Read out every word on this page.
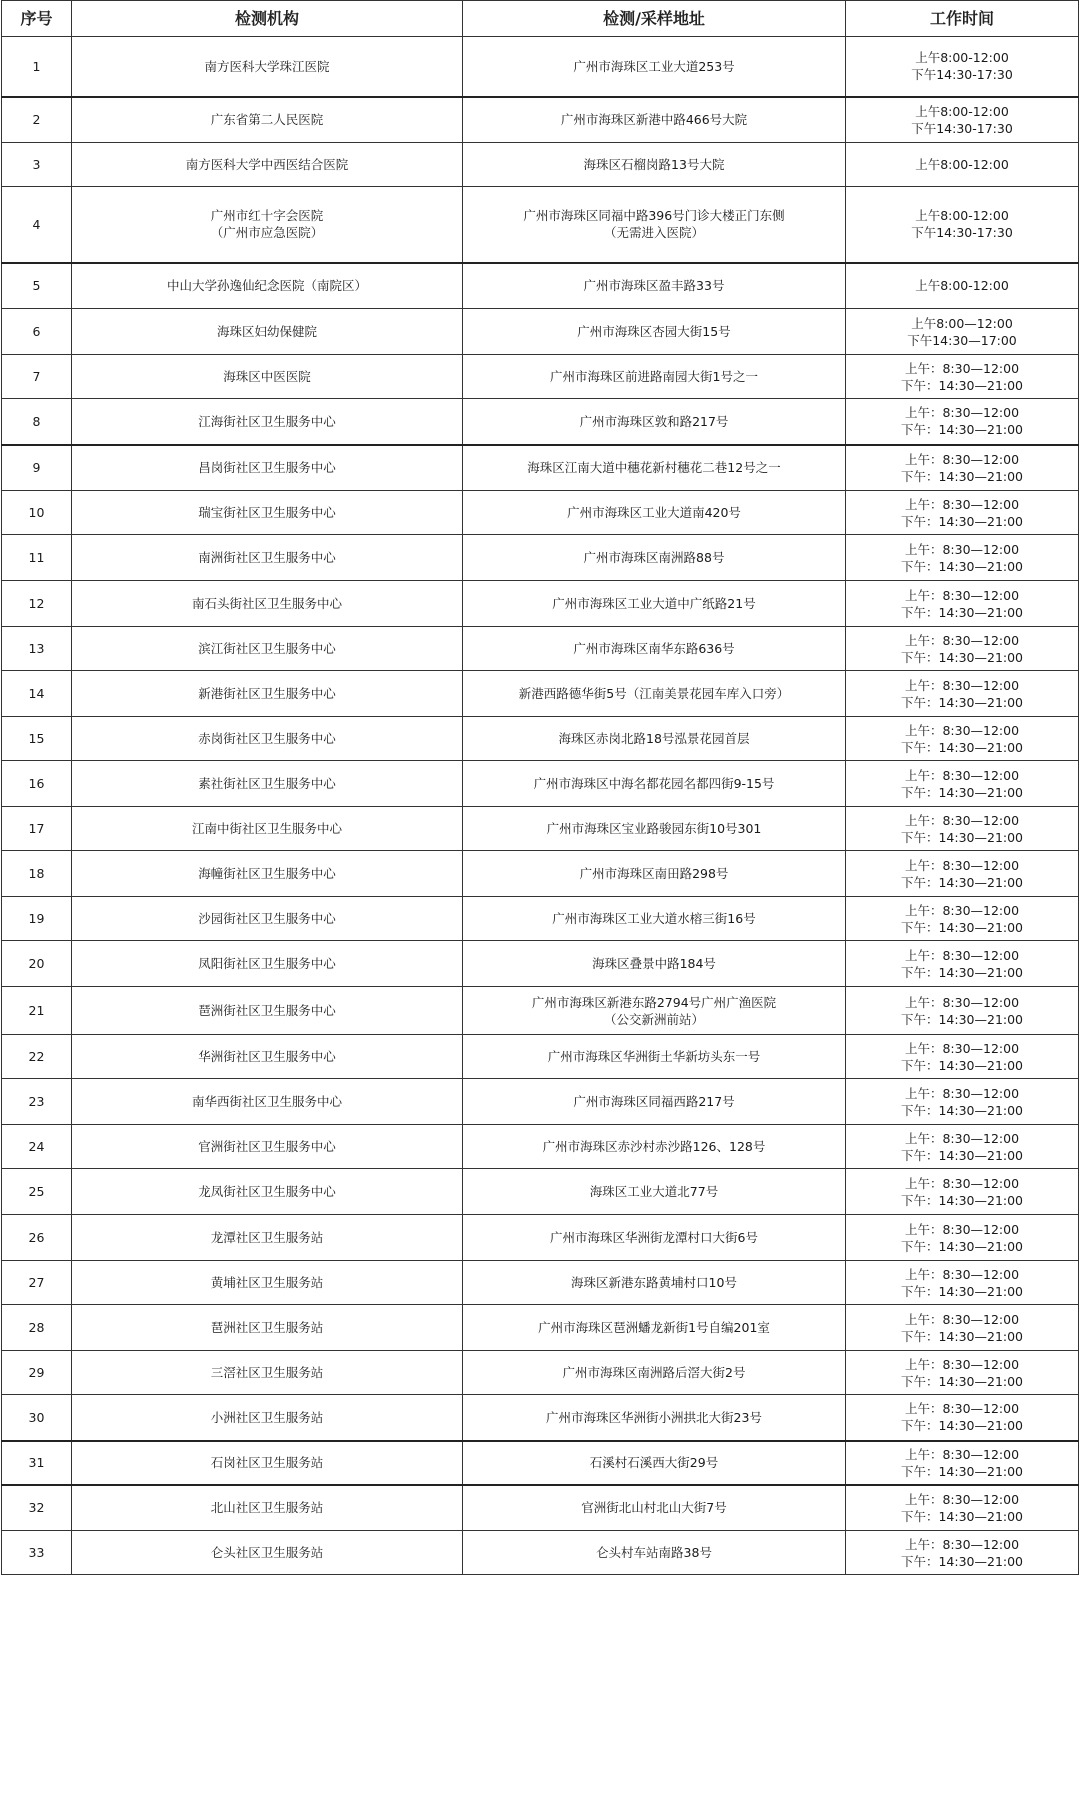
序号	检测机构	检测/采样地址	工作时间
1	南方医科大学珠江医院	广州市海珠区工业大道253号	上午8:00-12:00
下午14:30-17:30

2	广东省第二人民医院	广州市海珠区新港中路466号大院	上午8:00-12:00
下午14:30-17:30

3	南方医科大学中西医结合医院	海珠区石榴岗路13号大院	上午8:00-12:00

4	广州市红十字会医院
（广州市应急医院）	广州市海珠区同福中路396号门诊大楼正门东侧
（无需进入医院）	上午8:00-12:00
下午14:30-17:30

5	中山大学孙逸仙纪念医院（南院区）	广州市海珠区盈丰路33号	上午8:00-12:00

6	海珠区妇幼保健院	广州市海珠区杏园大街15号	上午8:00—12:00
下午14:30—17:00

7	海珠区中医医院	广州市海珠区前进路南园大街1号之一	上午：8:30—12:00
下午：14:30—21:00

8	江海街社区卫生服务中心	广州市海珠区敦和路217号	上午：8:30—12:00
下午：14:30—21:00

9	昌岗街社区卫生服务中心	海珠区江南大道中穗花新村穗花二巷12号之一	上午：8:30—12:00
下午：14:30—21:00

10	瑞宝街社区卫生服务中心	广州市海珠区工业大道南420号	上午：8:30—12:00
下午：14:30—21:00

11	南洲街社区卫生服务中心	广州市海珠区南洲路88号	上午：8:30—12:00
下午：14:30—21:00

12	南石头街社区卫生服务中心	广州市海珠区工业大道中广纸路21号	上午：8:30—12:00
下午：14:30—21:00

13	滨江街社区卫生服务中心	广州市海珠区南华东路636号	上午：8:30—12:00
下午：14:30—21:00

14	新港街社区卫生服务中心	新港西路德华街5号（江南美景花园车库入口旁）	上午：8:30—12:00
下午：14:30—21:00

15	赤岗街社区卫生服务中心	海珠区赤岗北路18号泓景花园首层	上午：8:30—12:00
下午：14:30—21:00

16	素社街社区卫生服务中心	广州市海珠区中海名都花园名都四街9-15号	上午：8:30—12:00
下午：14:30—21:00

17	江南中街社区卫生服务中心	广州市海珠区宝业路骏园东街10号301	上午：8:30—12:00
下午：14:30—21:00

18	海幢街社区卫生服务中心	广州市海珠区南田路298号	上午：8:30—12:00
下午：14:30—21:00

19	沙园街社区卫生服务中心	广州市海珠区工业大道水榕三街16号	上午：8:30—12:00
下午：14:30—21:00

20	凤阳街社区卫生服务中心	海珠区叠景中路184号	上午：8:30—12:00
下午：14:30—21:00

21	琶洲街社区卫生服务中心	广州市海珠区新港东路2794号广州广渔医院
（公交新洲前站）	上午：8:30—12:00
下午：14:30—21:00

22	华洲街社区卫生服务中心	广州市海珠区华洲街土华新坊头东一号	上午：8:30—12:00
下午：14:30—21:00

23	南华西街社区卫生服务中心	广州市海珠区同福西路217号	上午：8:30—12:00
下午：14:30—21:00

24	官洲街社区卫生服务中心	广州市海珠区赤沙村赤沙路126、128号	上午：8:30—12:00
下午：14:30—21:00

25	龙凤街社区卫生服务中心	海珠区工业大道北77号	上午：8:30—12:00
下午：14:30—21:00

26	龙潭社区卫生服务站	广州市海珠区华洲街龙潭村口大街6号	上午：8:30—12:00
下午：14:30—21:00

27	黄埔社区卫生服务站	海珠区新港东路黄埔村口10号	上午：8:30—12:00
下午：14:30—21:00

28	琶洲社区卫生服务站	广州市海珠区琶洲蟠龙新街1号自编201室	上午：8:30—12:00
下午：14:30—21:00

29	三滘社区卫生服务站	广州市海珠区南洲路后滘大街2号	上午：8:30—12:00
下午：14:30—21:00

30	小洲社区卫生服务站	广州市海珠区华洲街小洲拱北大街23号	上午：8:30—12:00
下午：14:30—21:00

31	石岗社区卫生服务站	石溪村石溪西大街29号	上午：8:30—12:00
下午：14:30—21:00

32	北山社区卫生服务站	官洲街北山村北山大街7号	上午：8:30—12:00
下午：14:30—21:00

33	仑头社区卫生服务站	仑头村车站南路38号	上午：8:30—12:00
下午：14:30—21:00
